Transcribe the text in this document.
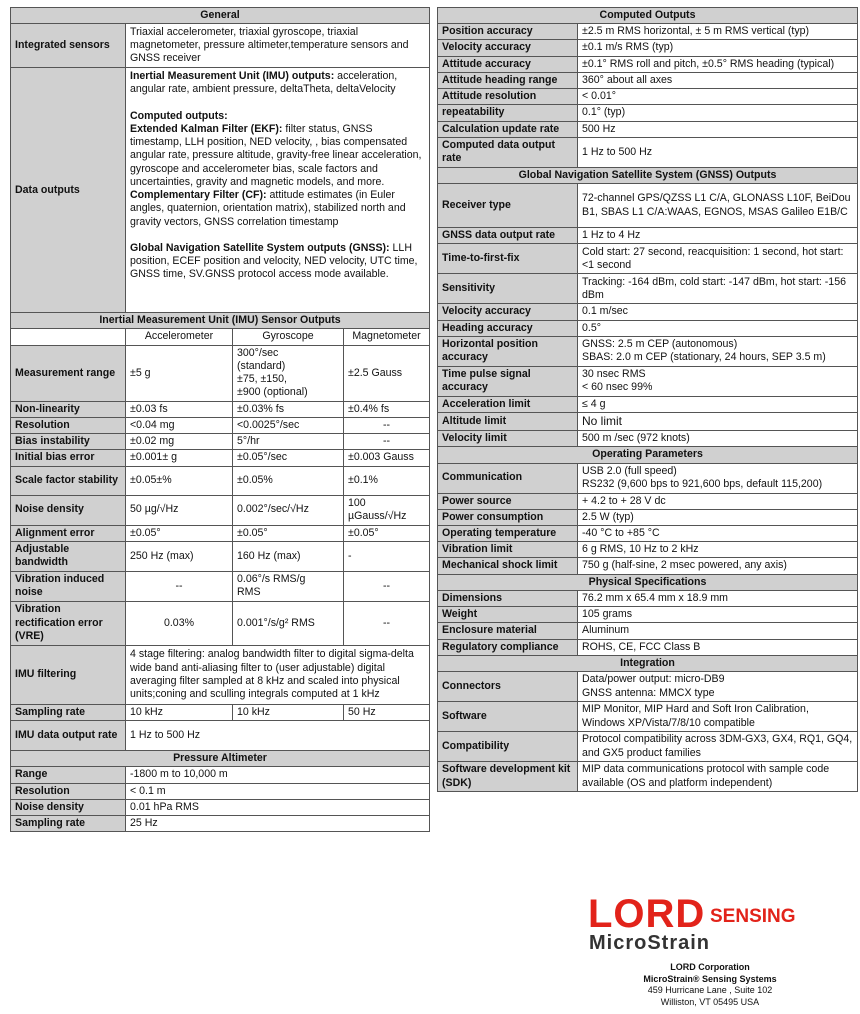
General			
Integrated sensors	Triaxial accelerometer, triaxial gyroscope, triaxial magnetometer, pressure altimeter,temperature sensors and GNSS receiver		
Data outputs	Inertial Measurement Unit (IMU) outputs: acceleration, angular rate, ambient pressure, deltaTheta, deltaVelocity
Computed outputs:
Extended Kalman Filter (EKF): filter status, GNSS timestamp, LLH position, NED velocity, , bias compensated angular rate, pressure altitude, gravity-free linear acceleration, gyroscope and accelerometer bias, scale factors and uncertainties, gravity and magnetic models, and more.
Complementary Filter (CF): attitude estimates (in Euler angles, quaternion, orientation matrix), stabilized north and gravity vectors, GNSS correlation timestamp
Global Navigation Satellite System outputs (GNSS): LLH position, ECEF position and velocity, NED velocity, UTC time, GNSS time, SV.GNSS protocol access mode available.		

Inertial Measurement Unit (IMU) Sensor Outputs			
	Accelerometer	Gyroscope	Magnetometer
Measurement range	±5 g	300°/sec
(standard)
±75, ±150,
±900 (optional)	±2.5 Gauss
Non-linearity	±0.03 fs	±0.03% fs	±0.4% fs
Resolution	<0.04 mg	<0.0025°/sec	--
Bias instability	±0.02 mg	5°/hr	--
Initial bias error	±0.001± g	±0.05°/sec	±0.003 Gauss
Scale factor stability	±0.05±%	±0.05%	±0.1%
Noise density	50 µg/√Hz	0.002°/sec/√Hz	100
µGauss/√Hz
Alignment error	±0.05°	±0.05°	±0.05°
Adjustable bandwidth	250 Hz (max)	160 Hz (max)	-
Vibration induced noise	--	0.06°/s RMS/g
RMS	--
Vibration rectification error (VRE)	0.03%	0.001°/s/g² RMS	--
IMU filtering	4 stage filtering: analog bandwidth filter to digital sigma-delta wide band anti-aliasing filter to (user adjustable) digital averaging filter sampled at 8 kHz and scaled into physical units;coning and sculling integrals computed at 1 kHz		
Sampling rate	10 kHz	10 kHz	50 Hz
IMU data output rate	1 Hz to 500 Hz		
Pressure Altimeter			
Range	-1800 m to 10,000 m		
Resolution	< 0.1 m		
Noise density	0.01 hPa RMS		
Sampling rate	25 Hz		
Computed Outputs	
Position accuracy	±2.5 m RMS horizontal, ± 5 m RMS vertical (typ)
Velocity accuracy	±0.1 m/s RMS (typ)
Attitude accuracy	±0.1° RMS roll and pitch, ±0.5° RMS heading (typical)
Attitude heading range	360° about all axes
Attitude resolution	< 0.01°
repeatability	0.1° (typ)
Calculation update rate	500 Hz
Computed data output rate	1 Hz to 500 Hz
Global Navigation Satellite System (GNSS) Outputs	
Receiver type	72-channel GPS/QZSS L1 C/A, GLONASS L10F, BeiDou B1, SBAS L1 C/A:WAAS, EGNOS, MSAS Galileo E1B/C
GNSS data output rate	1 Hz to 4 Hz
Time-to-first-fix	Cold start: 27 second, reacquisition: 1 second, hot start: <1 second
Sensitivity	Tracking: -164 dBm, cold start: -147 dBm, hot start: -156 dBm
Velocity accuracy	0.1 m/sec
Heading accuracy	0.5°
Horizontal position accuracy	GNSS: 2.5 m CEP (autonomous)
SBAS: 2.0 m CEP (stationary, 24 hours, SEP 3.5 m)
Time pulse signal accuracy	30 nsec RMS
< 60 nsec 99%
Acceleration limit	≤ 4 g
Altitude limit	No limit
Velocity limit	500 m /sec (972 knots)
Operating Parameters	
Communication	USB 2.0 (full speed)
RS232 (9,600 bps to 921,600 bps, default 115,200)
Power source	+ 4.2 to + 28 V dc
Power consumption	2.5 W (typ)
Operating temperature	-40 °C to +85 °C
Vibration limit	6 g RMS, 10 Hz to 2 kHz
Mechanical shock limit	750 g (half-sine, 2 msec powered, any axis)
Physical Specifications	
Dimensions	76.2 mm x 65.4 mm x 18.9 mm
Weight	105 grams
Enclosure material	Aluminum
Regulatory compliance	ROHS, CE, FCC Class B
Integration	
Connectors	Data/power output: micro-DB9
GNSS antenna: MMCX type
Software	MIP Monitor, MIP Hard and Soft Iron Calibration, Windows XP/Vista/7/8/10 compatible
Compatibility	Protocol compatibility across 3DM-GX3, GX4, RQ1, GQ4, and GX5 product families
Software development kit (SDK)	MIP data communications protocol with sample code available (OS and platform independent)
LORD SENSING
MicroStrain
LORD Corporation
MicroStrain® Sensing Systems
459 Hurricane Lane , Suite 102
Williston, VT 05495 USA
